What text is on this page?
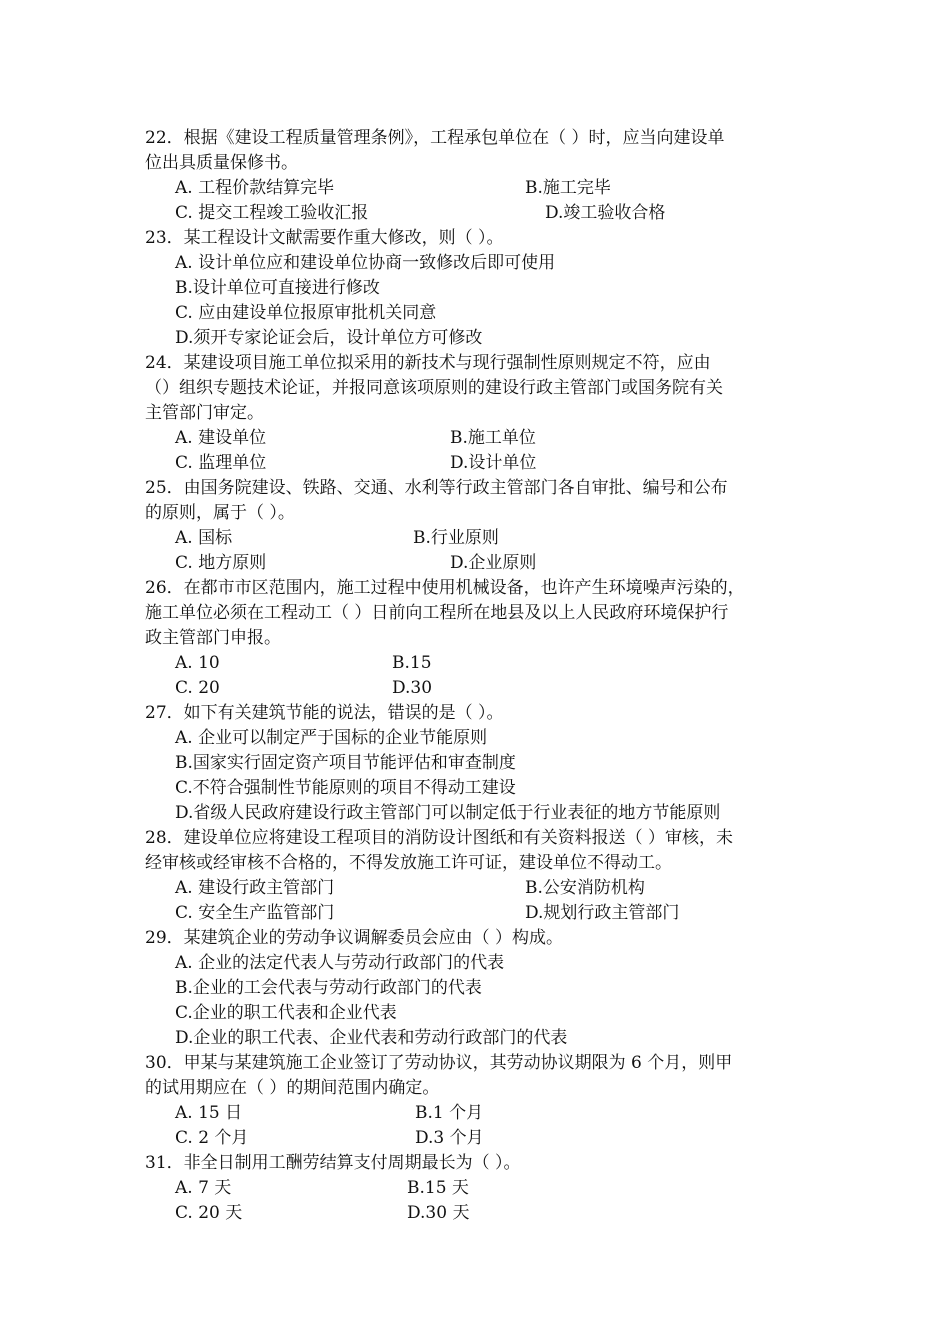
22．根据《建设工程质量管理条例》，工程承包单位在（ ）时，应当向建设单
位出具质量保修书。
A. 工程价款结算完毕	B.施工完毕
C. 提交工程竣工验收汇报	D.竣工验收合格
23．某工程设计文献需要作重大修改，则（ ）。
A. 设计单位应和建设单位协商一致修改后即可使用
B.设计单位可直接进行修改
C. 应由建设单位报原审批机关同意
D.须开专家论证会后，设计单位方可修改
24．某建设项目施工单位拟采用的新技术与现行强制性原则规定不符，应由
（）组织专题技术论证，并报同意该项原则的建设行政主管部门或国务院有关
主管部门审定。
A. 建设单位	B.施工单位
C. 监理单位	D.设计单位
25．由国务院建设、铁路、交通、水利等行政主管部门各自审批、编号和公布
的原则，属于（ ）。
A. 国标	B.行业原则
C. 地方原则	D.企业原则
26．在都市市区范围内，施工过程中使用机械设备，也许产生环境噪声污染的，
施工单位必须在工程动工（ ）日前向工程所在地县及以上人民政府环境保护行
政主管部门申报。
A. 10	B.15
C. 20	D.30
27．如下有关建筑节能的说法，错误的是（ ）。
A. 企业可以制定严于国标的企业节能原则
B.国家实行固定资产项目节能评估和审查制度
C.不符合强制性节能原则的项目不得动工建设
D.省级人民政府建设行政主管部门可以制定低于行业表征的地方节能原则
28．建设单位应将建设工程项目的消防设计图纸和有关资料报送（ ）审核，未
经审核或经审核不合格的，不得发放施工许可证，建设单位不得动工。
A. 建设行政主管部门	B.公安消防机构
C. 安全生产监管部门	D.规划行政主管部门
29．某建筑企业的劳动争议调解委员会应由（ ）构成。
A. 企业的法定代表人与劳动行政部门的代表
B.企业的工会代表与劳动行政部门的代表
C.企业的职工代表和企业代表
D.企业的职工代表、企业代表和劳动行政部门的代表
30．甲某与某建筑施工企业签订了劳动协议，其劳动协议期限为 6 个月，则甲
的试用期应在（ ）的期间范围内确定。
A. 15 日	B.1 个月
C. 2 个月	D.3 个月
31．非全日制用工酬劳结算支付周期最长为（ ）。
A. 7 天	B.15 天
C. 20 天	D.30 天
